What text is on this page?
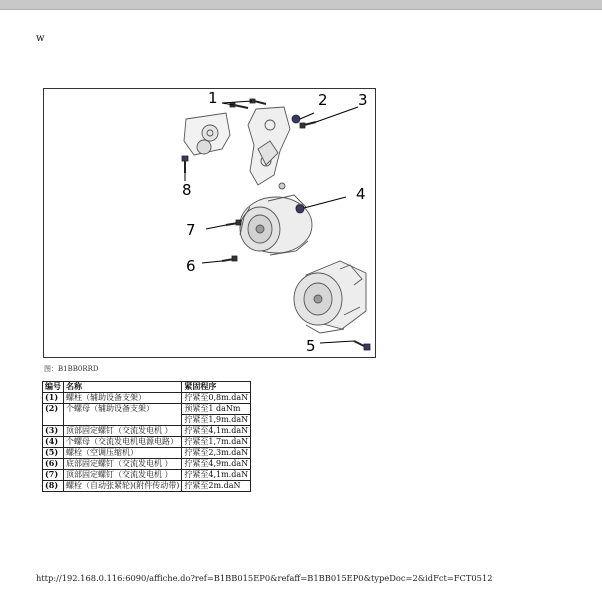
w
1	2 3
4
5
6
7
8
图：B1BB0RRD
编号	名称	紧固程序
(1)	螺柱（辅助设备支架）	拧紧至0,8m.daN
(2)	个螺母（辅助设备支架）	预紧至1 daNm
		拧紧至1,9m.daN
(3)	顶部固定螺钉（交流发电机 ）	拧紧至4,1m.daN
(4)	个螺母（交流发电机电源电路）	拧紧至1,7m.daN
(5)	螺栓（空调压缩机）	拧紧至2,3m.daN
(6)	底部固定螺钉（交流发电机 ）	拧紧至4,9m.daN
(7)	顶部固定螺钉（交流发电机 ）	拧紧至4,1m.daN
(8)	螺栓（自动张紧轮)(附件传动带)	拧紧至2m.daN
http://192.168.0.116:6090/affiche.do?ref=B1BB015EP0&refaff=B1BB015EP0&typeDoc=2&idFct=FCT0512
